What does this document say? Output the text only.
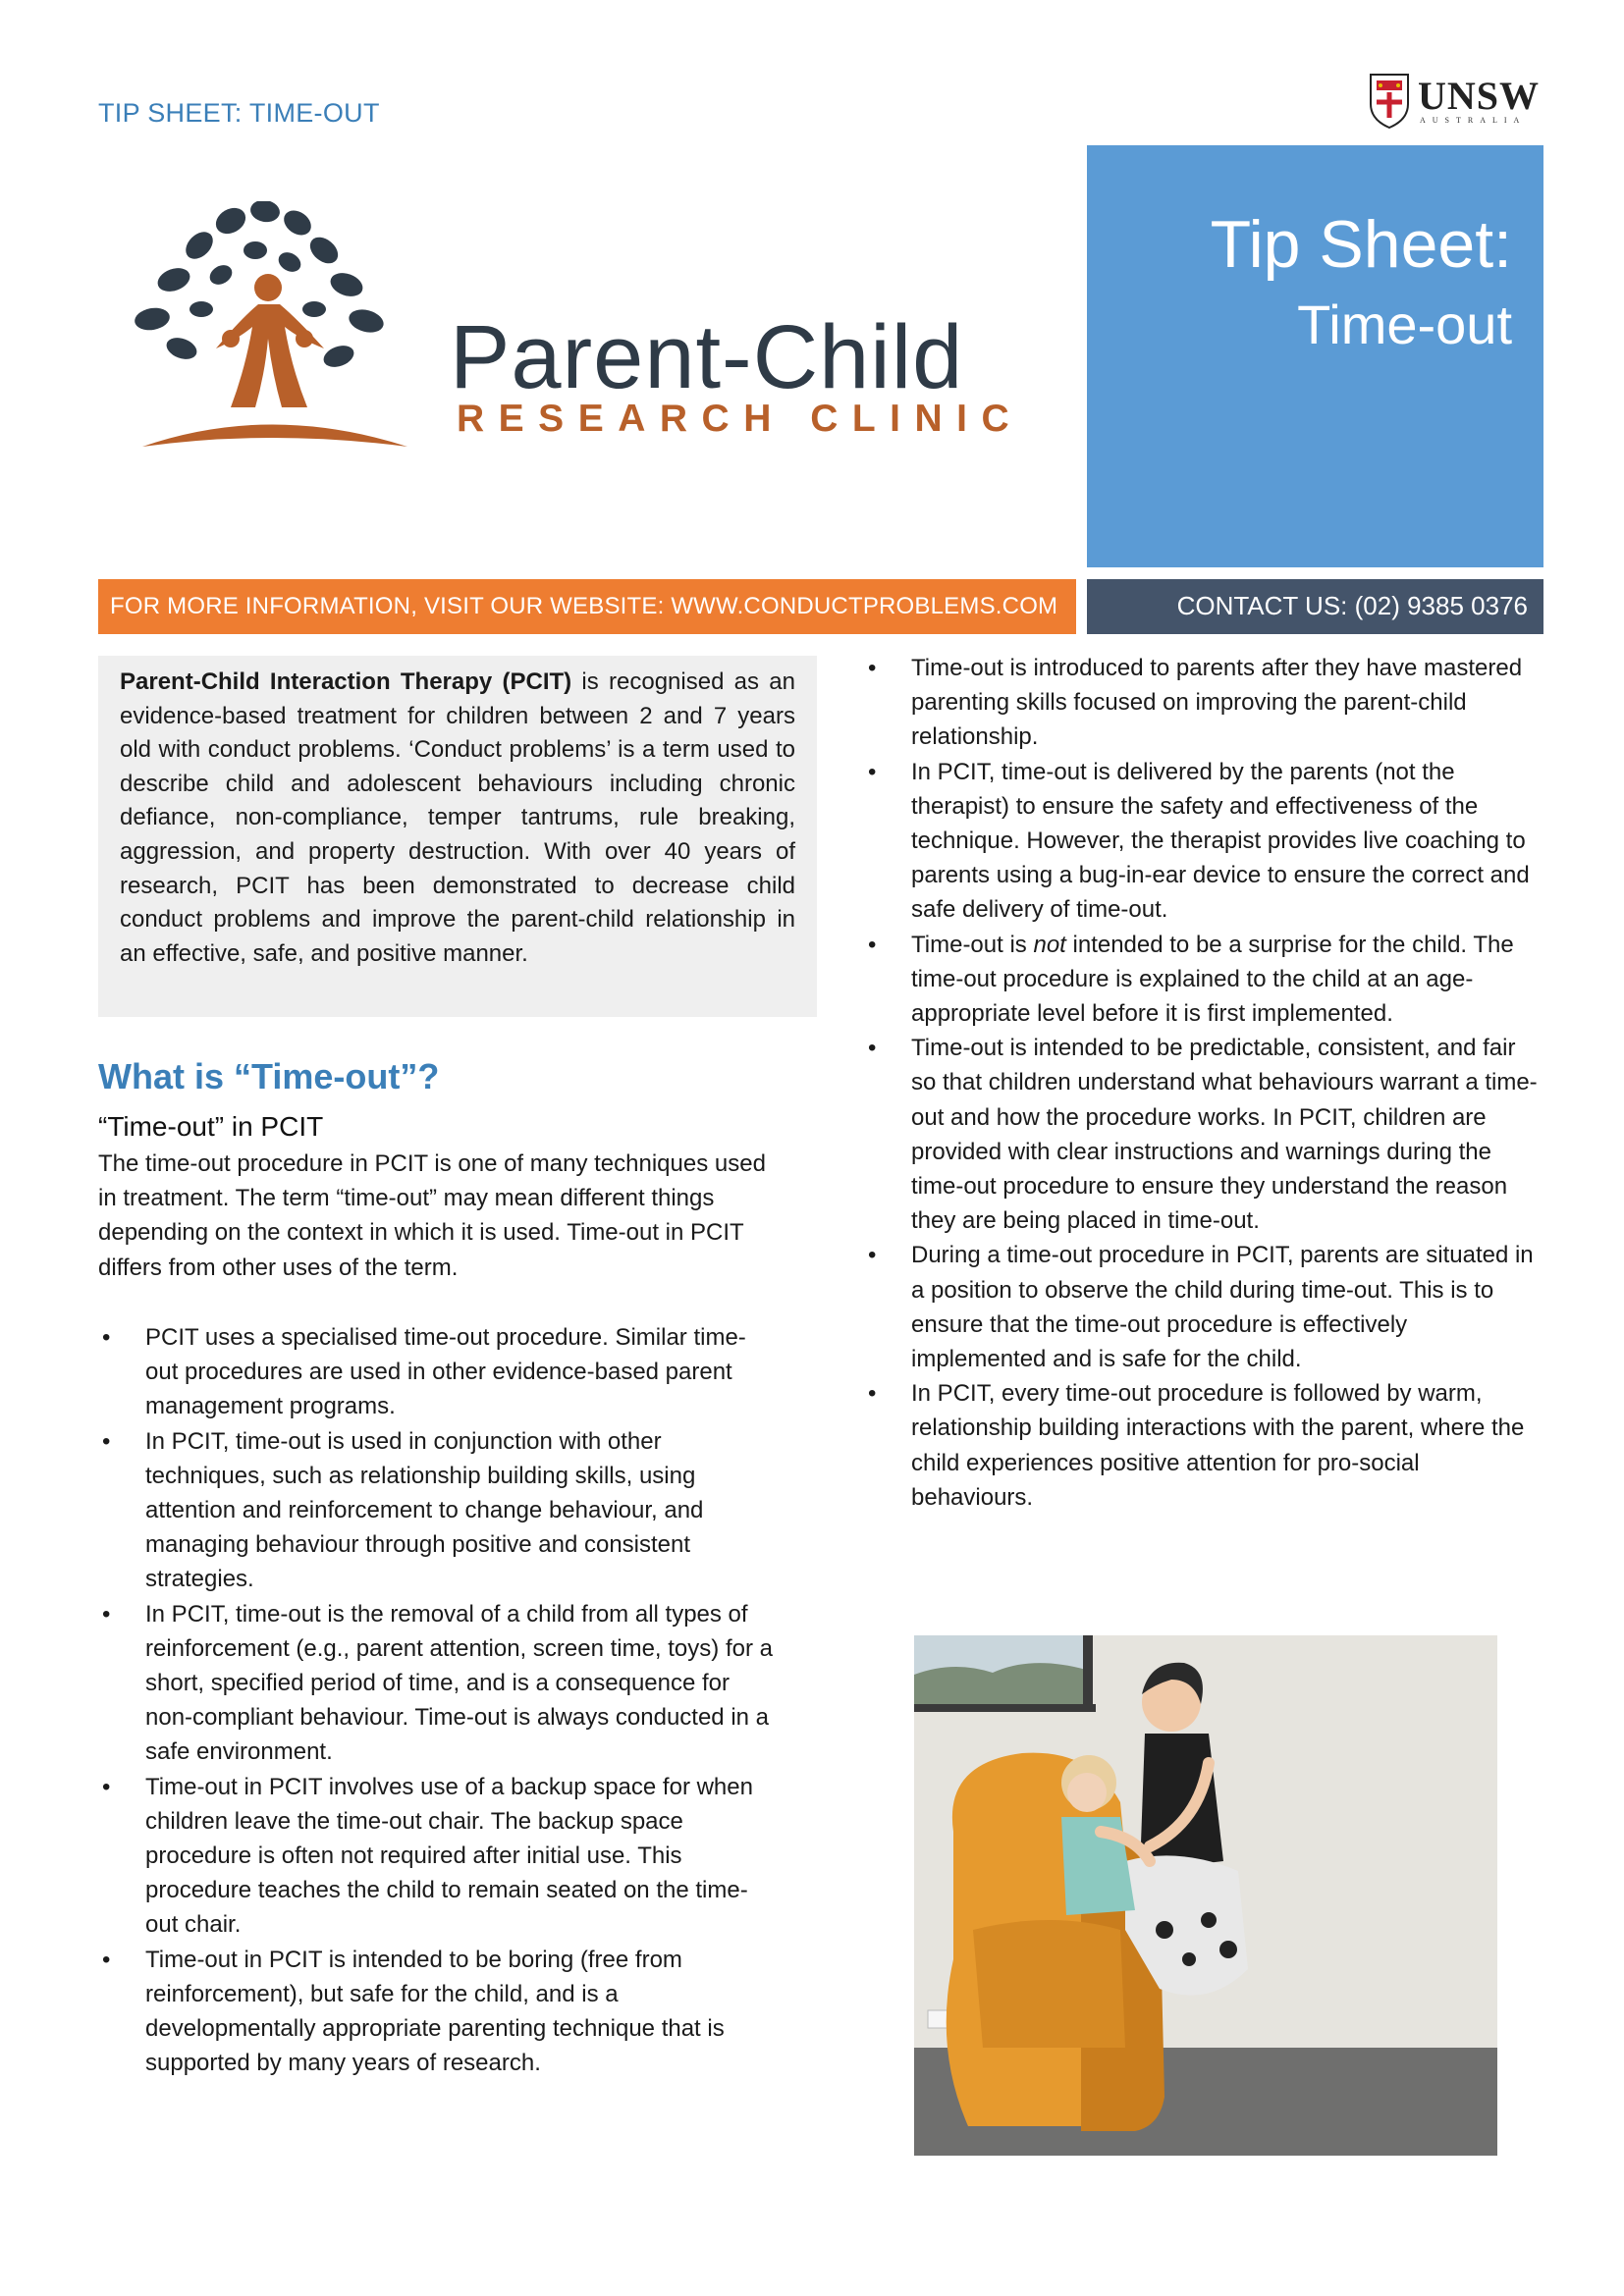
TIP SHEET: TIME-OUT	UNSW
AUSTRALIA
Parent-Child
RESEARCH CLINIC
Tip Sheet:
Time-out
FOR MORE INFORMATION, VISIT OUR WEBSITE: WWW.CONDUCTPROBLEMS.COM	CONTACT US: (02) 9385 0376
Parent-Child Interaction Therapy (PCIT) is recognised as an evidence-based treatment for children between 2 and 7 years old with conduct problems. ‘Conduct problems’ is a term used to describe child and adolescent behaviours including chronic defiance, non-compliance, temper tantrums, rule breaking, aggression, and property destruction. With over 40 years of research, PCIT has been demonstrated to decrease child conduct problems and improve the parent-child relationship in an effective, safe, and positive manner.
What is “Time-out”?
“Time-out” in PCIT
The time-out procedure in PCIT is one of many techniques used in treatment. The term “time-out” may mean different things depending on the context in which it is used. Time-out in PCIT differs from other uses of the term.
• PCIT uses a specialised time-out procedure. Similar time-out procedures are used in other evidence-based parent management programs.
• In PCIT, time-out is used in conjunction with other techniques, such as relationship building skills, using attention and reinforcement to change behaviour, and managing behaviour through positive and consistent strategies.
• In PCIT, time-out is the removal of a child from all types of reinforcement (e.g., parent attention, screen time, toys) for a short, specified period of time, and is a consequence for non-compliant behaviour. Time-out is always conducted in a safe environment.
• Time-out in PCIT involves use of a backup space for when children leave the time-out chair. The backup space procedure is often not required after initial use. This procedure teaches the child to remain seated on the time-out chair.
• Time-out in PCIT is intended to be boring (free from reinforcement), but safe for the child, and is a developmentally appropriate parenting technique that is supported by many years of research.
• Time-out is introduced to parents after they have mastered parenting skills focused on improving the parent-child relationship.
• In PCIT, time-out is delivered by the parents (not the therapist) to ensure the safety and effectiveness of the technique. However, the therapist provides live coaching to parents using a bug-in-ear device to ensure the correct and safe delivery of time-out.
• Time-out is not intended to be a surprise for the child. The time-out procedure is explained to the child at an age-appropriate level before it is first implemented.
• Time-out is intended to be predictable, consistent, and fair so that children understand what behaviours warrant a time-out and how the procedure works. In PCIT, children are provided with clear instructions and warnings during the time-out procedure to ensure they understand the reason they are being placed in time-out.
• During a time-out procedure in PCIT, parents are situated in a position to observe the child during time-out. This is to ensure that the time-out procedure is effectively implemented and is safe for the child.
• In PCIT, every time-out procedure is followed by warm, relationship building interactions with the parent, where the child experiences positive attention for pro-social behaviours.
